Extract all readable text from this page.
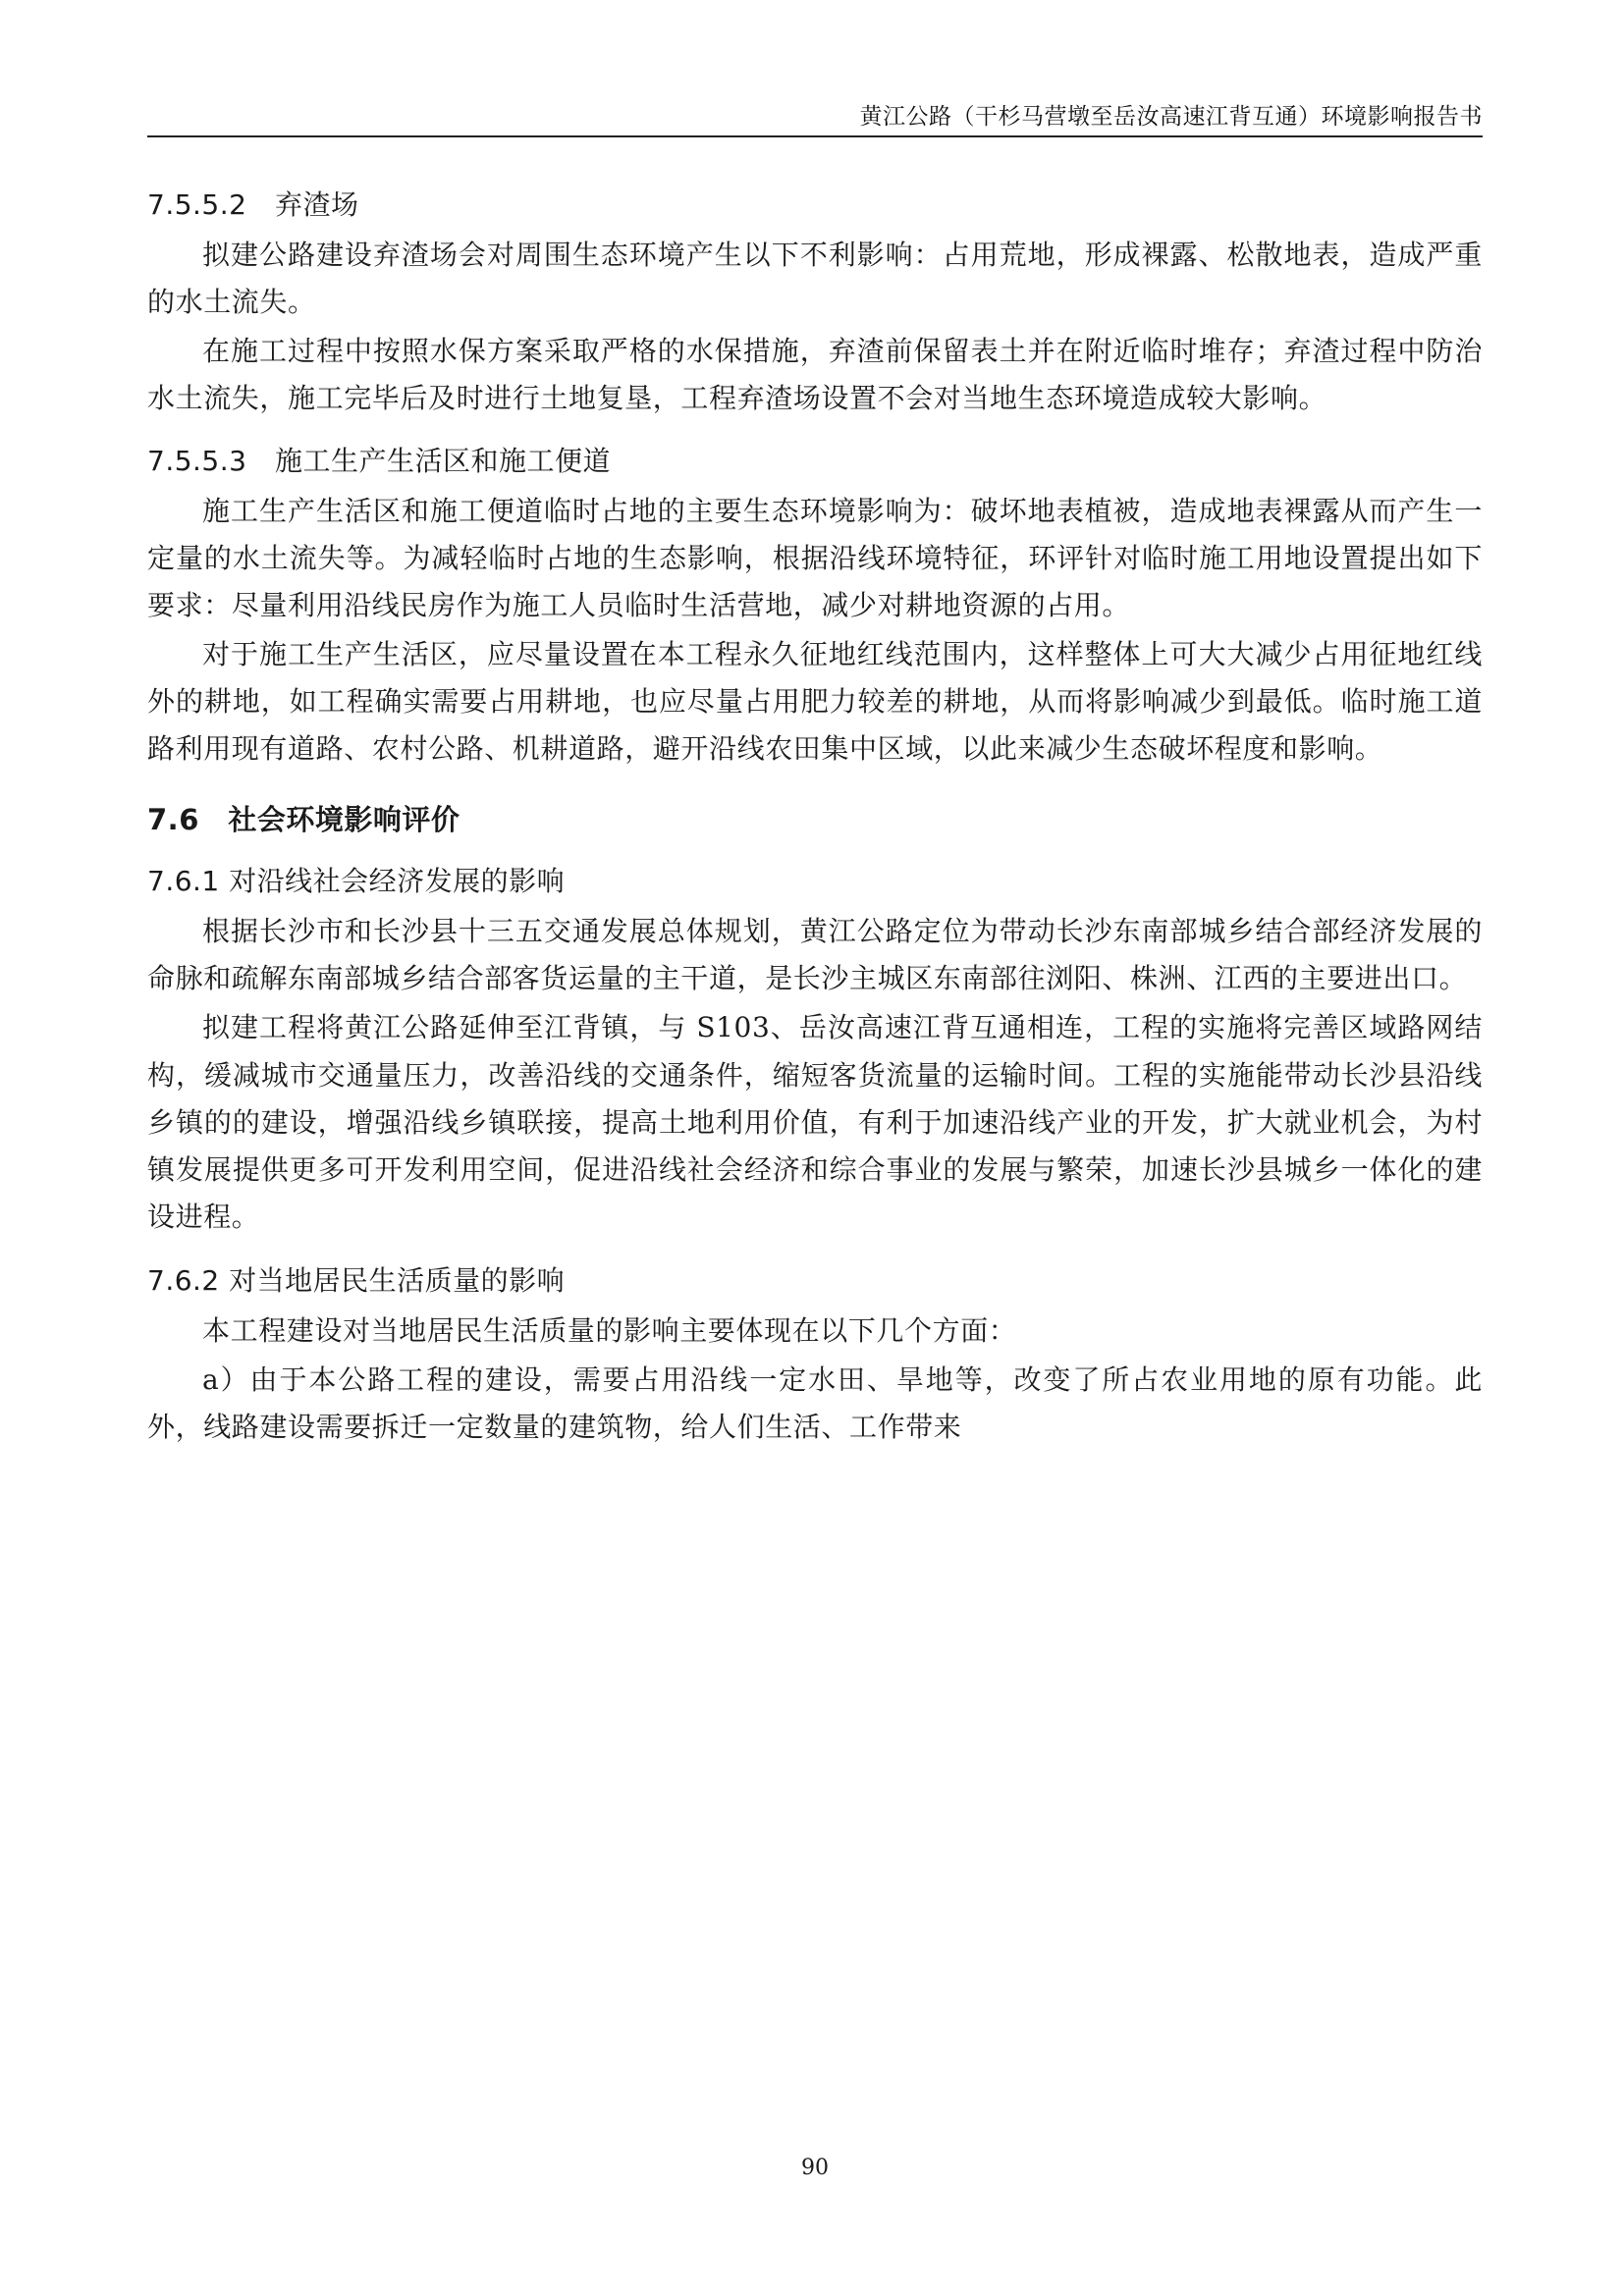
黄江公路（干杉马营墩至岳汝高速江背互通）环境影响报告书
7.5.5.2　弃渣场

拟建公路建设弃渣场会对周围生态环境产生以下不利影响：占用荒地，形成裸露、松散地表，造成严重的水土流失。

在施工过程中按照水保方案采取严格的水保措施，弃渣前保留表土并在附近临时堆存；弃渣过程中防治水土流失，施工完毕后及时进行土地复垦，工程弃渣场设置不会对当地生态环境造成较大影响。

7.5.5.3　施工生产生活区和施工便道

施工生产生活区和施工便道临时占地的主要生态环境影响为：破坏地表植被，造成地表裸露从而产生一定量的水土流失等。为减轻临时占地的生态影响，根据沿线环境特征，环评针对临时施工用地设置提出如下要求：尽量利用沿线民房作为施工人员临时生活营地，减少对耕地资源的占用。

对于施工生产生活区，应尽量设置在本工程永久征地红线范围内，这样整体上可大大减少占用征地红线外的耕地，如工程确实需要占用耕地，也应尽量占用肥力较差的耕地，从而将影响减少到最低。临时施工道路利用现有道路、农村公路、机耕道路，避开沿线农田集中区域，以此来减少生态破坏程度和影响。

7.6　社会环境影响评价
7.6.1 对沿线社会经济发展的影响

根据长沙市和长沙县十三五交通发展总体规划，黄江公路定位为带动长沙东南部城乡结合部经济发展的命脉和疏解东南部城乡结合部客货运量的主干道，是长沙主城区东南部往浏阳、株洲、江西的主要进出口。

拟建工程将黄江公路延伸至江背镇，与 S103、岳汝高速江背互通相连，工程的实施将完善区域路网结构，缓减城市交通量压力，改善沿线的交通条件，缩短客货流量的运输时间。工程的实施能带动长沙县沿线乡镇的的建设，增强沿线乡镇联接，提高土地利用价值，有利于加速沿线产业的开发，扩大就业机会，为村镇发展提供更多可开发利用空间，促进沿线社会经济和综合事业的发展与繁荣，加速长沙县城乡一体化的建设进程。

7.6.2 对当地居民生活质量的影响

本工程建设对当地居民生活质量的影响主要体现在以下几个方面：

a）由于本公路工程的建设，需要占用沿线一定水田、旱地等，改变了所占农业用地的原有功能。此外，线路建设需要拆迁一定数量的建筑物，给人们生活、工作带来

90
